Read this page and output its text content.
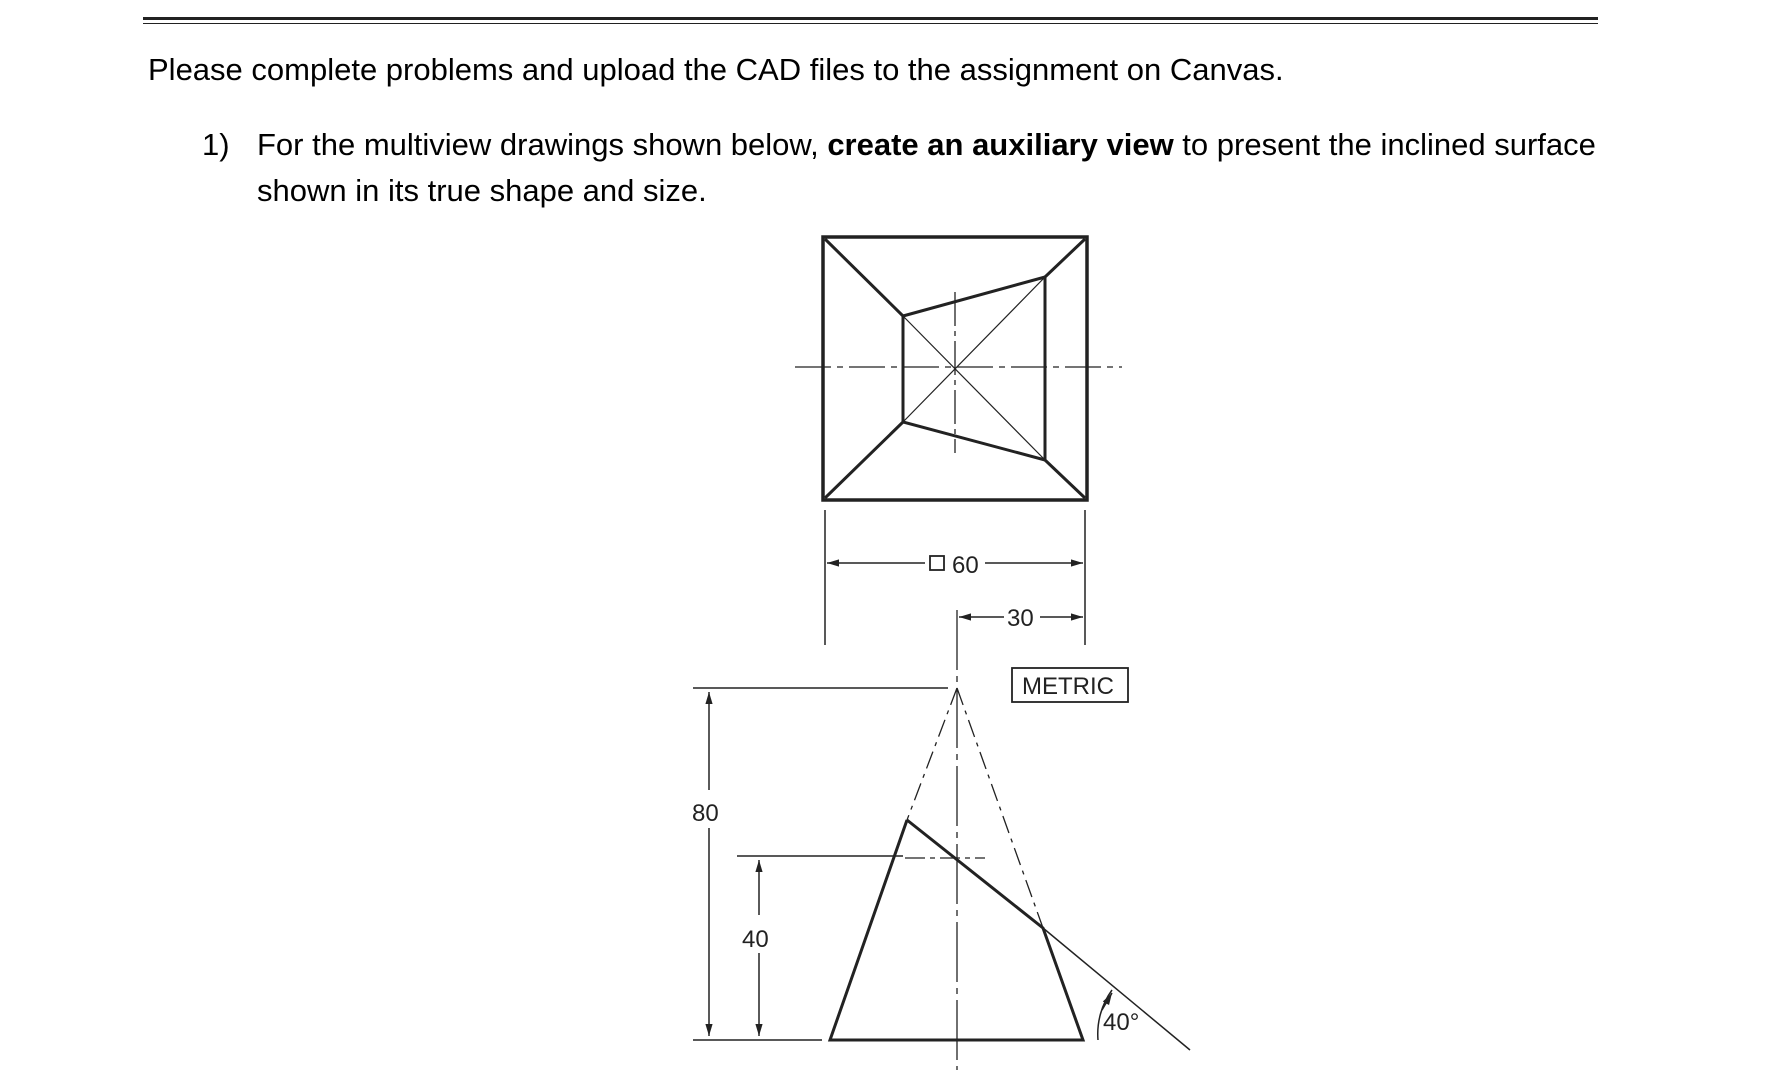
Please complete problems and upload the CAD files to the assignment on Canvas.
1) For the multiview drawings shown below, create an auxiliary view to present the inclined surface shown in its true shape and size.
60
30
METRIC
80
40
40°
